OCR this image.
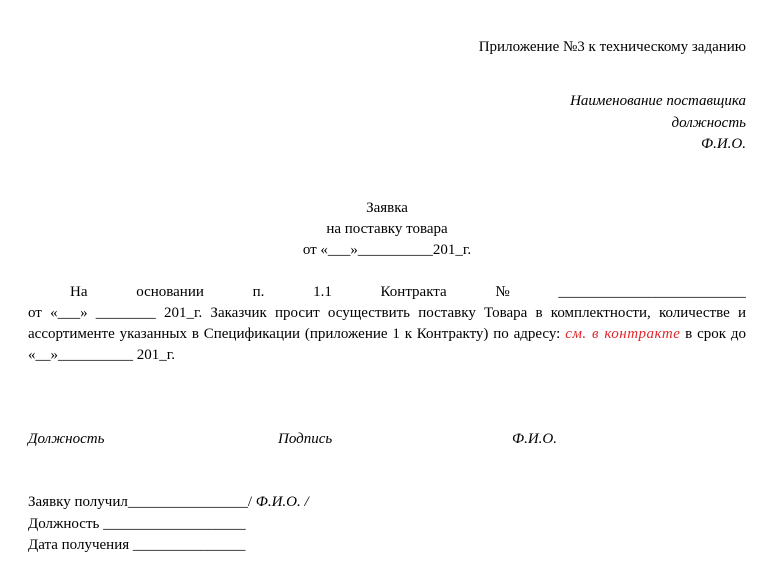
Приложение №3 к техническому заданию
Наименование поставщика
должность
Ф.И.О.
Заявка
на поставку товара
от «___»__________201_г.
На	основании	п.	1.1	Контракта	№	_________________________
от «___» ________ 201_г. Заказчик просит осуществить поставку Товара в комплектности, количестве и ассортименте указанных в Спецификации (приложение 1 к Контракту) по адресу: см. в контракте в срок до «__»__________ 201_г.
Должность	Подпись	Ф.И.О.
Заявку получил________________/ Ф.И.О. /
Должность ___________________
Дата получения _______________
